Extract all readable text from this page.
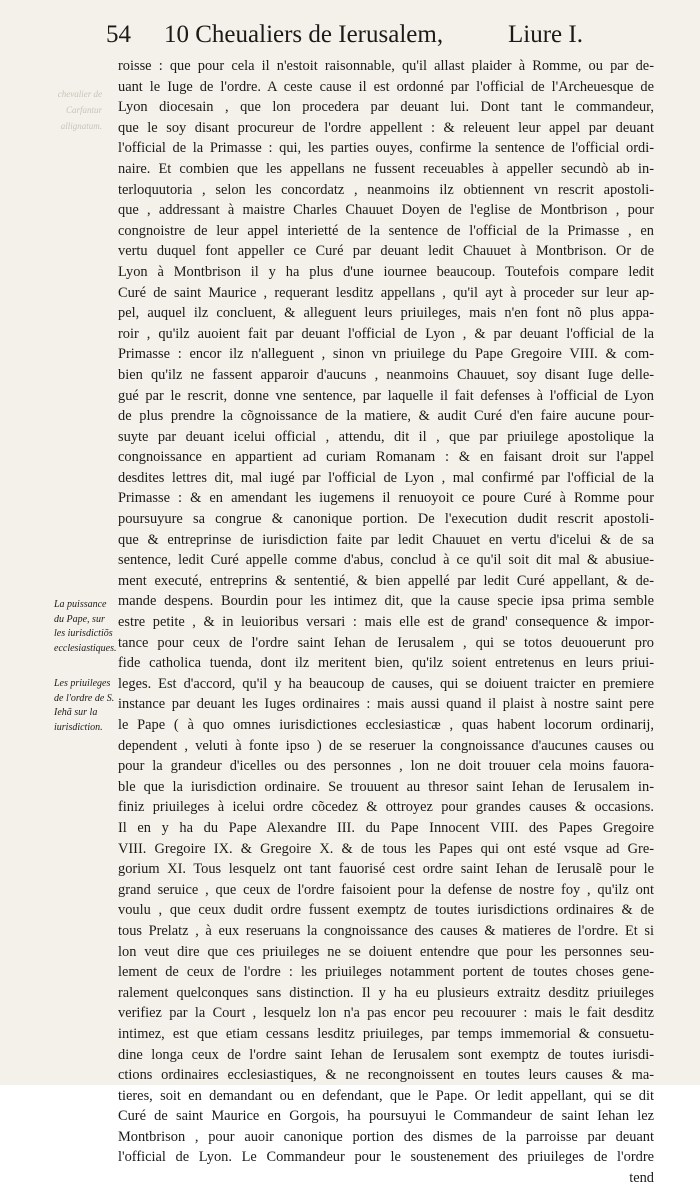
54 10 Cheualiers de Ierusalem,	Liure I.
chevalier de
Carfantur
allignatum.
La puissance du Pape, sur les iurisdictiõs ecclesiastiques.
Les priuileges de l'ordre de S. Iehã sur la iurisdiction.
roisse : que pour cela il n'estoit raisonnable, qu'il allast plaider à Romme, ou par de-
uant le Iuge de l'ordre. A ceste cause il est ordonné par l'official de l'Archeuesque de
Lyon diocesain , que lon procedera par deuant lui. Dont tant le commandeur,
que le soy disant procureur de l'ordre appellent : & releuent leur appel par deuant
l'official de la Primasse : qui, les parties ouyes, confirme la sentence de l'official ordi-
naire. Et combien que les appellans ne fussent receuables à appeller secundò ab in-
terloquutoria , selon les concordatz , neanmoins ilz obtiennent vn rescrit apostoli-
que , addressant à maistre Charles Chauuet Doyen de l'eglise de Montbrison , pour
congnoistre de leur appel interietté de la sentence de l'official de la Primasse , en
vertu duquel font appeller ce Curé par deuant ledit Chauuet à Montbrison. Or de
Lyon à Montbrison il y ha plus d'une iournee beaucoup. Toutefois compare ledit
Curé de saint Maurice , requerant lesditz appellans , qu'il ayt à proceder sur leur ap-
pel, auquel ilz concluent, & alleguent leurs priuileges, mais n'en font nõ plus appa-
roir , qu'ilz auoient fait par deuant l'official de Lyon , & par deuant l'official de la
Primasse : encor ilz n'alleguent , sinon vn priuilege du Pape Gregoire VIII. & com-
bien qu'ilz ne fassent apparoir d'aucuns , neanmoins Chauuet, soy disant Iuge delle-
gué par le rescrit, donne vne sentence, par laquelle il fait defenses à l'official de Lyon
de plus prendre la cõgnoissance de la matiere, & audit Curé d'en faire aucune pour-
suyte par deuant icelui official , attendu, dit il , que par priuilege apostolique la
congnoissance en appartient ad curiam Romanam : & en faisant droit sur l'appel
desdites lettres dit, mal iugé par l'official de Lyon , mal confirmé par l'official de la
Primasse : & en amendant les iugemens il renuoyoit ce poure Curé à Romme pour
poursuyure sa congrue & canonique portion. De l'execution dudit rescrit apostoli-
que & entreprinse de iurisdiction faite par ledit Chauuet en vertu d'icelui & de sa
sentence, ledit Curé appelle comme d'abus, conclud à ce qu'il soit dit mal & abusiue-
ment executé, entreprins & sententié, & bien appellé par ledit Curé appellant, & de-
mande despens. Bourdin pour les intimez dit, que la cause specie ipsa prima semble
estre petite , & in leuioribus versari : mais elle est de grand' consequence & impor-
tance pour ceux de l'ordre saint Iehan de Ierusalem , qui se totos deuouerunt pro
fide catholica tuenda, dont ilz meritent bien, qu'ilz soient entretenus en leurs priui-
leges. Est d'accord, qu'il y ha beaucoup de causes, qui se doiuent traicter en premiere
instance par deuant les Iuges ordinaires : mais aussi quand il plaist à nostre saint pere
le Pape ( à quo omnes iurisdictiones ecclesiasticæ , quas habent locorum ordinarij,
dependent , veluti à fonte ipso ) de se reseruer la congnoissance d'aucunes causes ou
pour la grandeur d'icelles ou des personnes , lon ne doit trouuer cela moins fauora-
ble que la iurisdiction ordinaire. Se trouuent au thresor saint Iehan de Ierusalem in-
finiz priuileges à icelui ordre cõcedez & ottroyez pour grandes causes & occasions.
Il en y ha du Pape Alexandre III. du Pape Innocent VIII. des Papes Gregoire
VIII. Gregoire IX. & Gregoire X. & de tous les Papes qui ont esté vsque ad Gre-
gorium XI. Tous lesquelz ont tant fauorisé cest ordre saint Iehan de Ierusalẽ pour le
grand seruice , que ceux de l'ordre faisoient pour la defense de nostre foy , qu'ilz ont
voulu , que ceux dudit ordre fussent exemptz de toutes iurisdictions ordinaires & de
tous Prelatz , à eux reseruans la congnoissance des causes & matieres de l'ordre. Et si
lon veut dire que ces priuileges ne se doiuent entendre que pour les personnes seu-
lement de ceux de l'ordre : les priuileges notamment portent de toutes choses gene-
ralement quelconques sans distinction. Il y ha eu plusieurs extraitz desditz priuileges
verifiez par la Court , lesquelz lon n'a pas encor peu recouurer : mais le fait desditz
intimez, est que etiam cessans lesditz priuileges, par temps immemorial & consuetu-
dine longa ceux de l'ordre saint Iehan de Ierusalem sont exemptz de toutes iurisdi-
ctions ordinaires ecclesiastiques, & ne recongnoissent en toutes leurs causes & ma-
tieres, soit en demandant ou en defendant, que le Pape. Or ledit appellant, qui se dit
Curé de saint Maurice en Gorgois, ha poursuyui le Commandeur de saint Iehan lez
Montbrison , pour auoir canonique portion des dismes de la parroisse par deuant
l'official de Lyon. Le Commandeur pour le soustenement des priuileges de l'ordre
tend
